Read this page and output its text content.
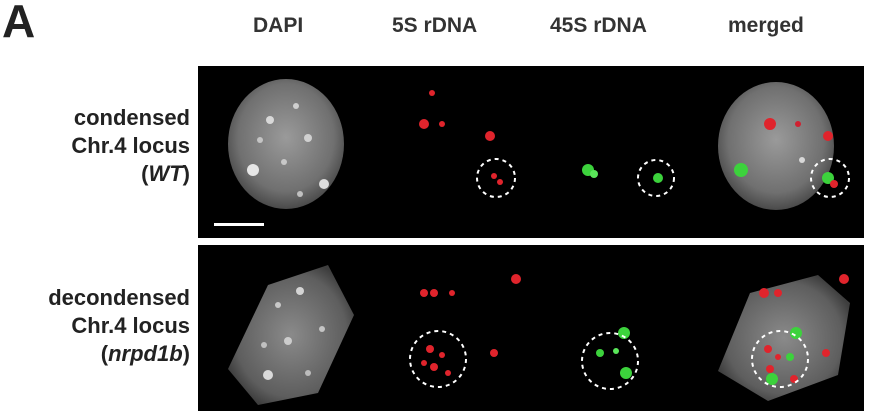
A	DAPI	5S rDNA	45S rDNA	merged
condensed
Chr.4 locus
(WT)
decondensed
Chr.4 locus
(nrpd1b)
